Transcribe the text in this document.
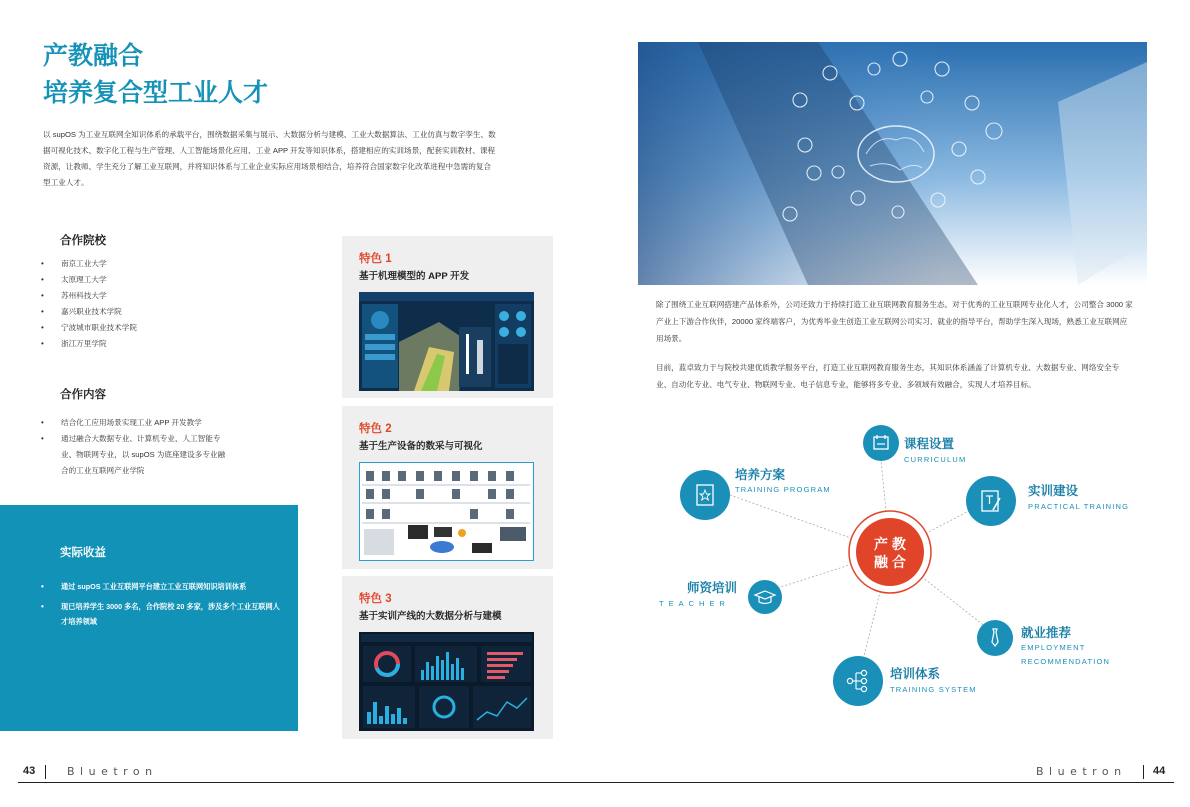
产教融合
培养复合型工业人才

以 supOS 为工业互联网全知识体系的承载平台，围绕数据采集与展示、大数据分析与建模、工业大数据算法、工业仿真与数字孪生、数据可视化技术、数字化工程与生产管理、人工智能场景化应用、工业 APP 开发等知识体系，搭建相应的实训场景，配套实训教材、课程资源，让教师、学生充分了解工业互联网，并将知识体系与工业企业实际应用场景相结合，培养符合国家数字化改革进程中急需的复合型工业人才。

合作院校
• 南京工业大学
• 太原理工大学
• 苏州科技大学
• 嘉兴职业技术学院
• 宁波城市职业技术学院
• 浙江万里学院
合作内容
• 结合化工应用场景实现工业 APP 开发教学
• 通过融合大数据专业、计算机专业、人工智能专业、物联网专业，以 supOS 为底座建设多专业融合的工业互联网产业学院
实际收益
• 通过 supOS 工业互联网平台建立工业互联网知识培训体系
• 现已培养学生 3000 多名，合作院校 20 多家，涉及多个工业互联网人才培养领域
特色 1
基于机理模型的 APP 开发
特色 2
基于生产设备的数采与可视化
特色 3
基于实训产线的大数据分析与建模

除了围绕工业互联网搭建产品体系外，公司还致力于持续打造工业互联网教育服务生态。对于优秀的工业互联网专业化人才，公司整合 3000 家产业上下游合作伙伴，20000 家终端客户，为优秀毕业生创造工业互联网公司实习、就业的指导平台，帮助学生深入现场，熟悉工业互联网应用场景。

目前，蓝卓致力于与院校共建优质教学服务平台，打造工业互联网教育服务生态，其知识体系涵盖了计算机专业、大数据专业、网络安全专业、自动化专业、电气专业、物联网专业、电子信息专业，能够将多专业、多领域有效融合，实现人才培养目标。

产 教
融 合
课程设置
CURRICULUM
培养方案
TRAINING PROGRAM	实训建设
PRACTICAL TRAINING
师资培训
TEACHER
就业推荐
EMPLOYMENT
RECOMMENDATION
培训体系
TRAINING SYSTEM
43	Bluetron	Bluetron 44
